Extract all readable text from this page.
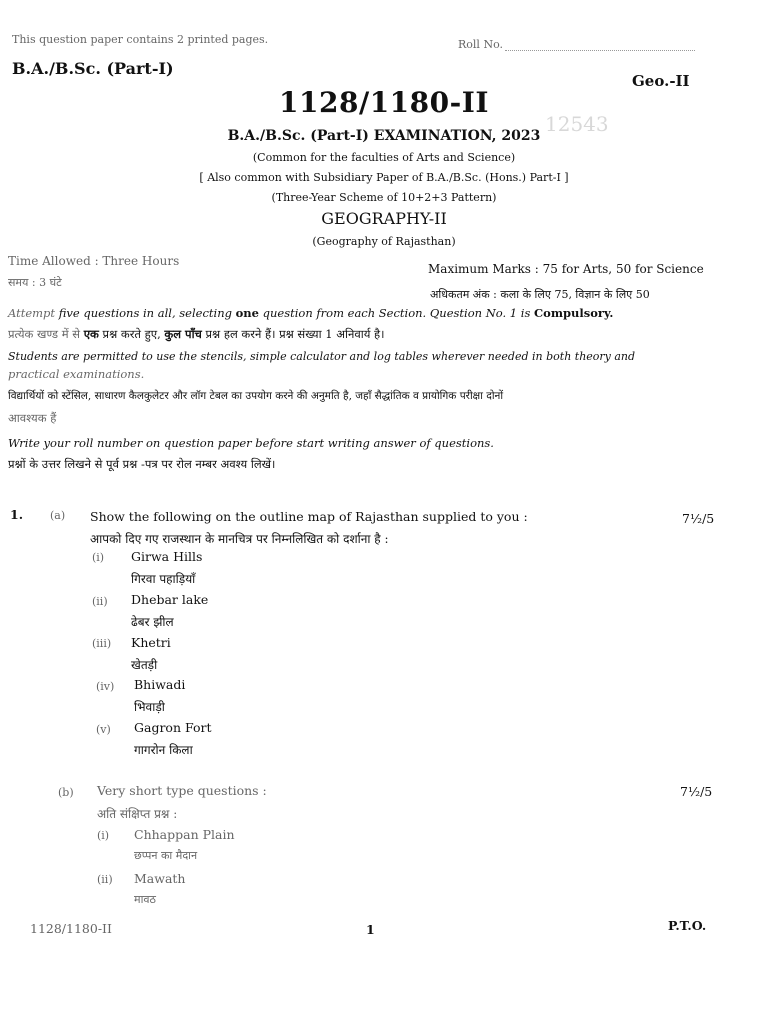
This question paper contains 2 printed pages.	Roll No.
B.A./B.Sc. (Part-I)
Geo.-II
1128/1180-II
12543
B.A./B.Sc. (Part-I) EXAMINATION, 2023
(Common for the faculties of Arts and Science)
[ Also common with Subsidiary Paper of B.A./B.Sc. (Hons.) Part-I ]
(Three-Year Scheme of 10+2+3 Pattern)
GEOGRAPHY-II
(Geography of Rajasthan)
Time Allowed : Three Hours
समय : 3 घंटे
Maximum Marks : 75 for Arts, 50 for Science
अधिकतम अंक : कला के लिए 75, विज्ञान के लिए 50
Attempt five questions in all, selecting one question from each Section. Question No. 1 is Compulsory.
प्रत्येक खण्ड में से एक प्रश्न करते हुए, कुल पाँच प्रश्न हल करने हैं। प्रश्न संख्या 1 अनिवार्य है।
Students are permitted to use the stencils, simple calculator and log tables wherever needed in both theory and
practical examinations.
विद्यार्थियों को स्टेंसिल, साधारण कैलकुलेटर और लॉग टेबल का उपयोग करने की अनुमति है, जहाँ सैद्धांतिक व प्रायोगिक परीक्षा दोनों
आवश्यक हैं
Write your roll number on question paper before start writing answer of questions.
प्रश्नों के उत्तर लिखने से पूर्व प्रश्न -पत्र पर रोल नम्बर अवश्य लिखें।
1. (a) Show the following on the outline map of Rajasthan supplied to you :	7½/5
आपको दिए गए राजस्थान के मानचित्र पर निम्नलिखित को दर्शाना है :
(i) Girwa Hills
गिरवा पहाड़ियाँ
(ii) Dhebar lake
ढेबर झील
(iii) Khetri
खेतड़ी
(iv) Bhiwadi
भिवाड़ी
(v) Gagron Fort
गागरोन किला
(b) Very short type questions :	7½/5
अति संक्षिप्त प्रश्न :
(i) Chhappan Plain
छप्पन का मैदान
(ii) Mawath
मावठ
1128/1180-II	1	P.T.O.
